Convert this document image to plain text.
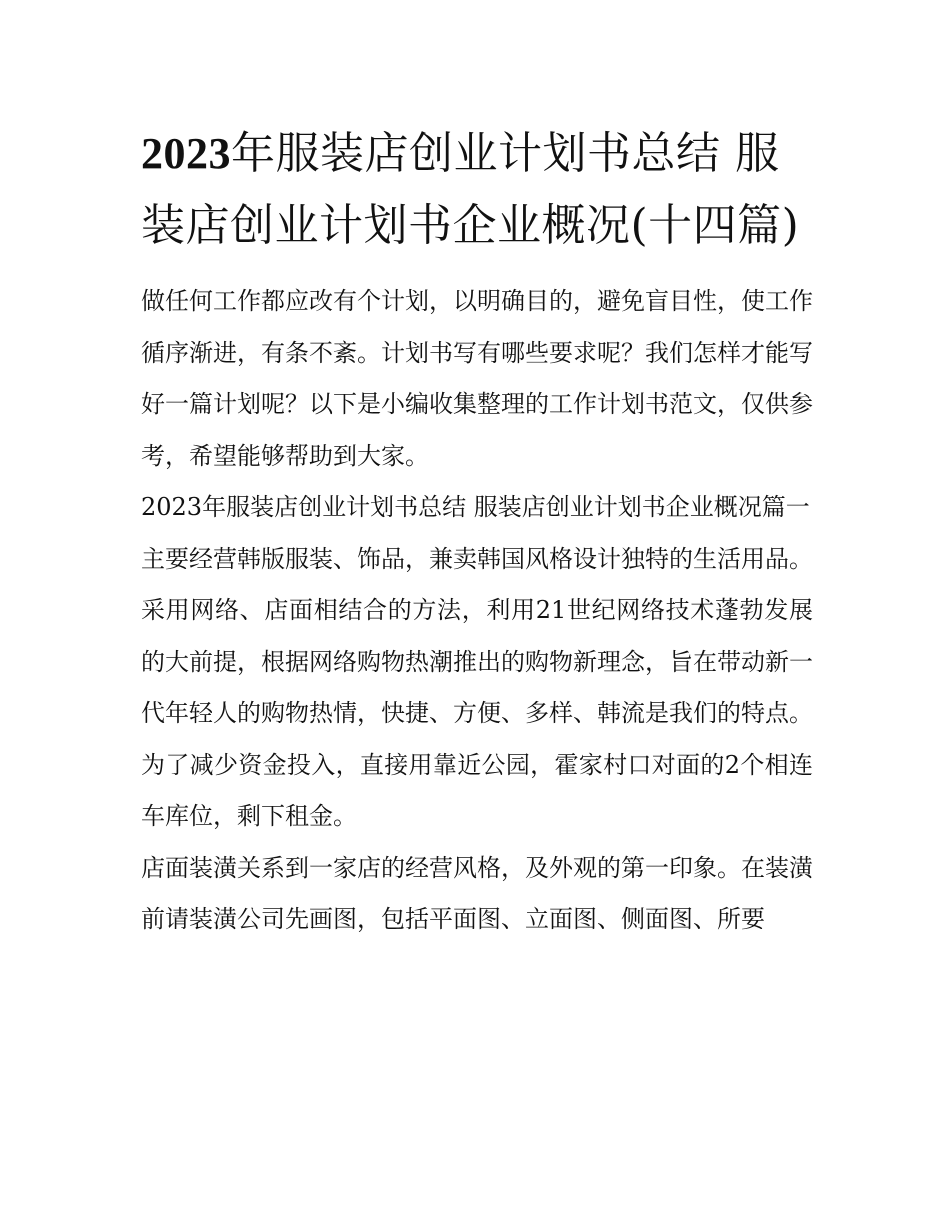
2023年服装店创业计划书总结 服装店创业计划书企业概况(十四篇)

做任何工作都应改有个计划，以明确目的，避免盲目性，使工作循序渐进，有条不紊。计划书写有哪些要求呢？我们怎样才能写好一篇计划呢？以下是小编收集整理的工作计划书范文，仅供参考，希望能够帮助到大家。

2023年服装店创业计划书总结 服装店创业计划书企业概况篇一

主要经营韩版服装、饰品，兼卖韩国风格设计独特的生活用品。采用网络、店面相结合的方法，利用21世纪网络技术蓬勃发展的大前提，根据网络购物热潮推出的购物新理念，旨在带动新一代年轻人的购物热情，快捷、方便、多样、韩流是我们的特点。

为了减少资金投入，直接用靠近公园，霍家村口对面的2个相连车库位，剩下租金。

店面装潢关系到一家店的经营风格，及外观的第一印象。在装潢前请装潢公司先画图，包括平面图、立面图、侧面图、所要
